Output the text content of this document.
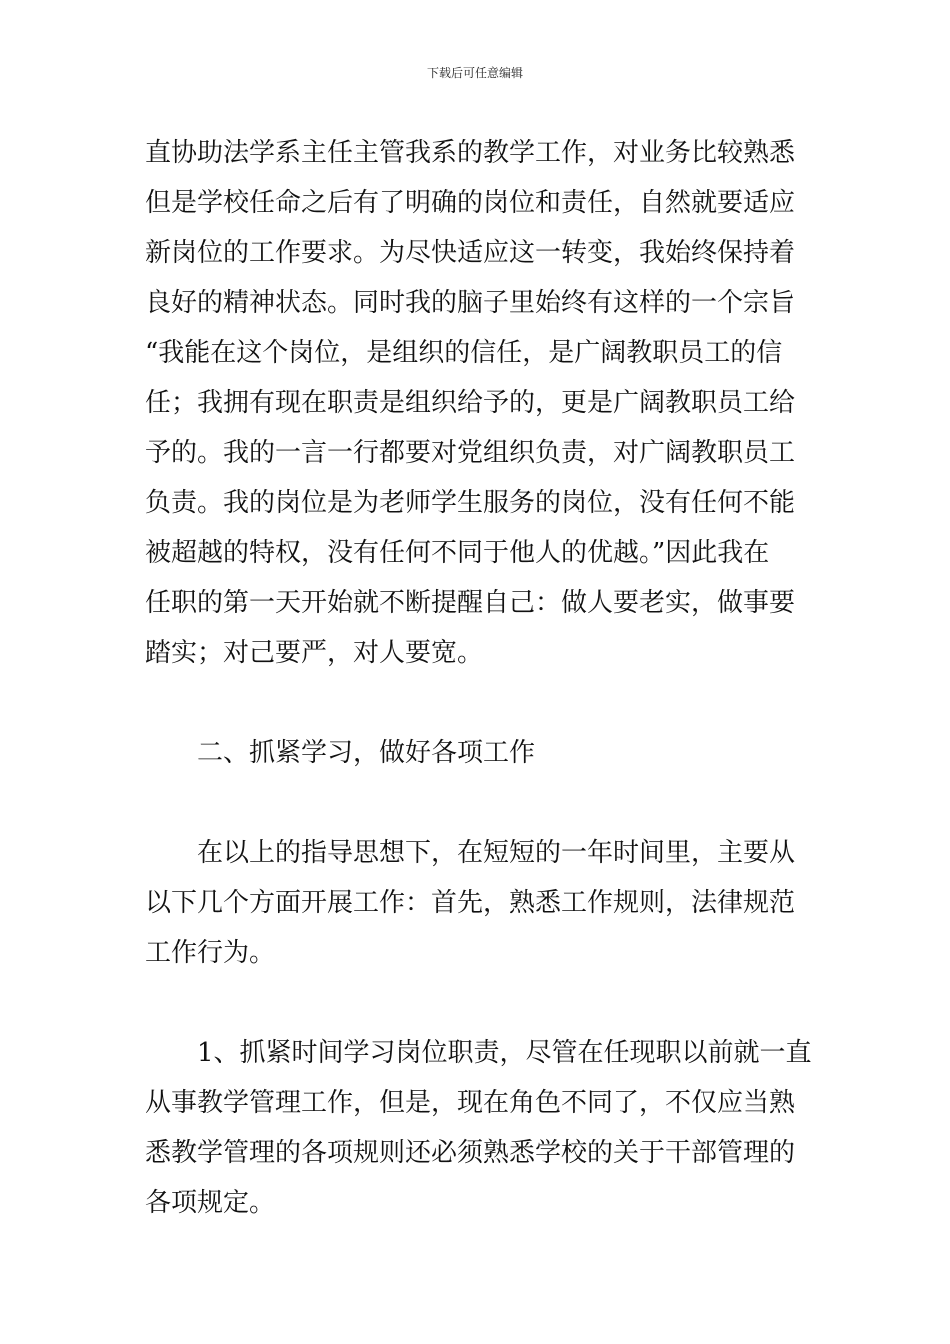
下载后可任意编辑
直协助法学系主任主管我系的教学工作，对业务比较熟悉
但是学校任命之后有了明确的岗位和责任，自然就要适应
新岗位的工作要求。为尽快适应这一转变，我始终保持着
良好的精神状态。同时我的脑子里始终有这样的一个宗旨
“我能在这个岗位，是组织的信任，是广阔教职员工的信
任；我拥有现在职责是组织给予的，更是广阔教职员工给
予的。我的一言一行都要对党组织负责，对广阔教职员工
负责。我的岗位是为老师学生服务的岗位，没有任何不能
被超越的特权，没有任何不同于他人的优越。”因此我在
任职的第一天开始就不断提醒自己：做人要老实，做事要
踏实；对己要严，对人要宽。
二、抓紧学习，做好各项工作
在以上的指导思想下，在短短的一年时间里，主要从
以下几个方面开展工作：首先，熟悉工作规则，法律规范
工作行为。
1、抓紧时间学习岗位职责，尽管在任现职以前就一直
从事教学管理工作，但是，现在角色不同了，不仅应当熟
悉教学管理的各项规则还必须熟悉学校的关于干部管理的
各项规定。
